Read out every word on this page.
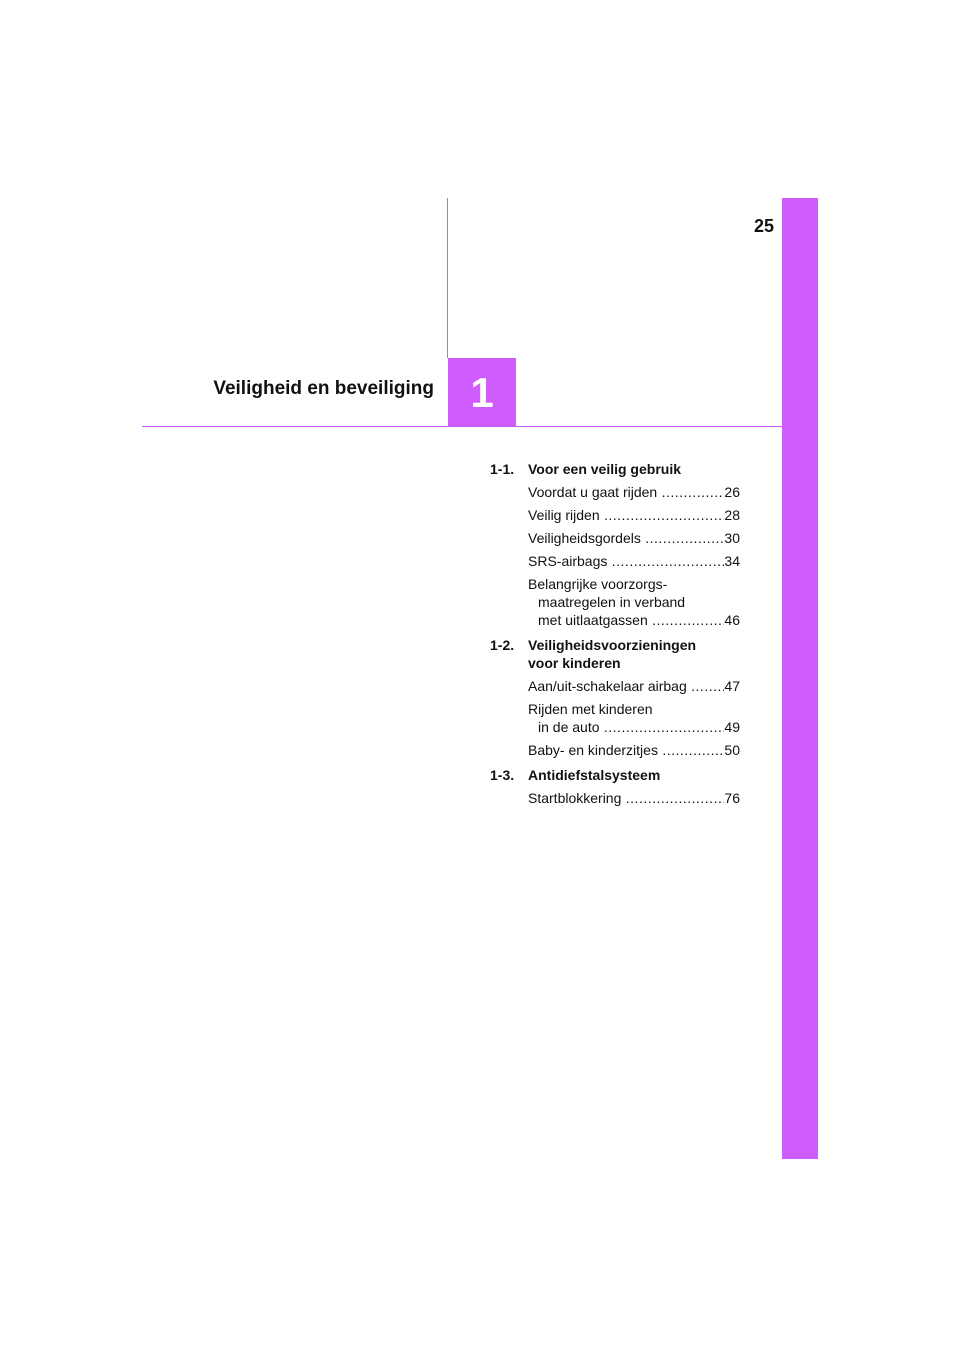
25
1
Veiligheid en beveiliging
1-1. Voor een veilig gebruik
Voordat u gaat rijden .....	26
Veilig rijden .....	28
Veiligheidsgordels .....	30
SRS-airbags .....	34
Belangrijke voorzorgs-
maatregelen in verband
met uitlaatgassen .....	46
1-2. Veiligheidsvoorzieningen
voor kinderen
Aan/uit-schakelaar airbag .....	47
Rijden met kinderen
in de auto .....	49
Baby- en kinderzitjes .....	50
1-3. Antidiefstalsysteem
Startblokkering .....	76
